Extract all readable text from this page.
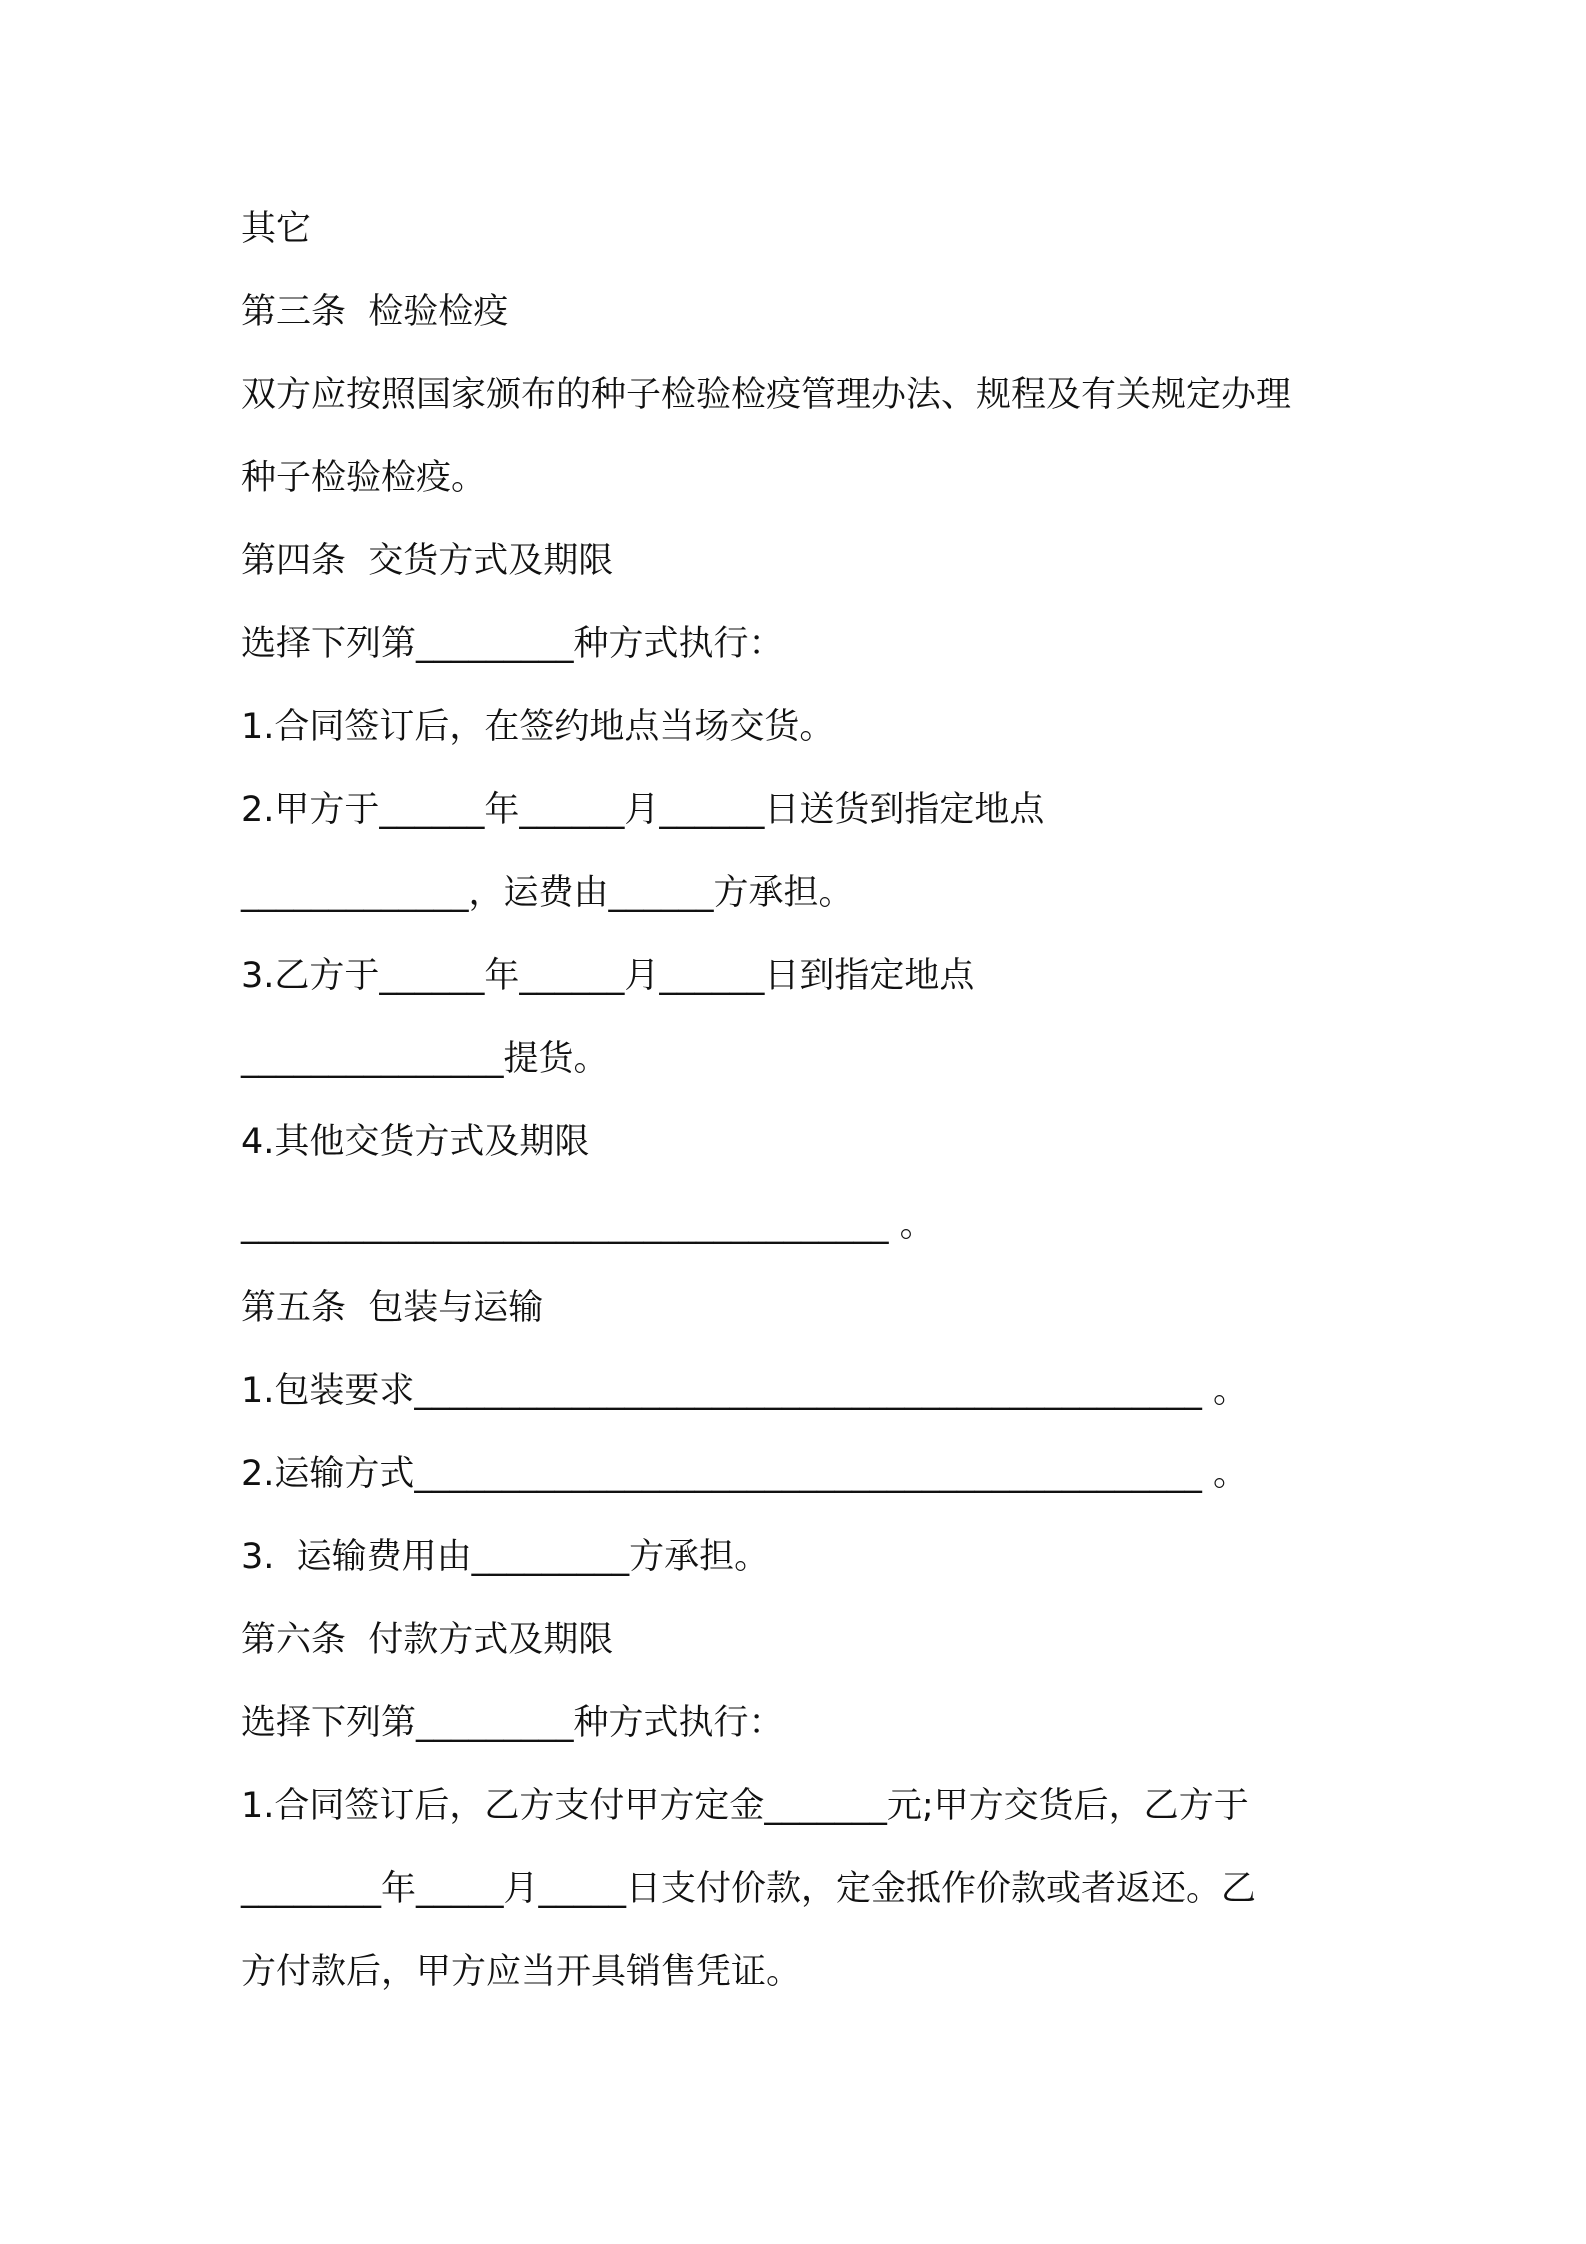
其它
第三条  检验检疫
双方应按照国家颁布的种子检验检疫管理办法、规程及有关规定办理
种子检验检疫。
第四条  交货方式及期限
选择下列第_________种方式执行：
1.合同签订后，在签约地点当场交货。
2.甲方于______年______月______日送货到指定地点
_____________，运费由______方承担。
3.乙方于______年______月______日到指定地点
_______________提货。
4.其他交货方式及期限
_____________________________________ 。
第五条  包装与运输
1.包装要求_____________________________________________ 。
2.运输方式_____________________________________________ 。
3.  运输费用由_________方承担。
第六条  付款方式及期限
选择下列第_________种方式执行：
1.合同签订后，乙方支付甲方定金_______元;甲方交货后，乙方于
________年_____月_____日支付价款，定金抵作价款或者返还。乙
方付款后，甲方应当开具销售凭证。
